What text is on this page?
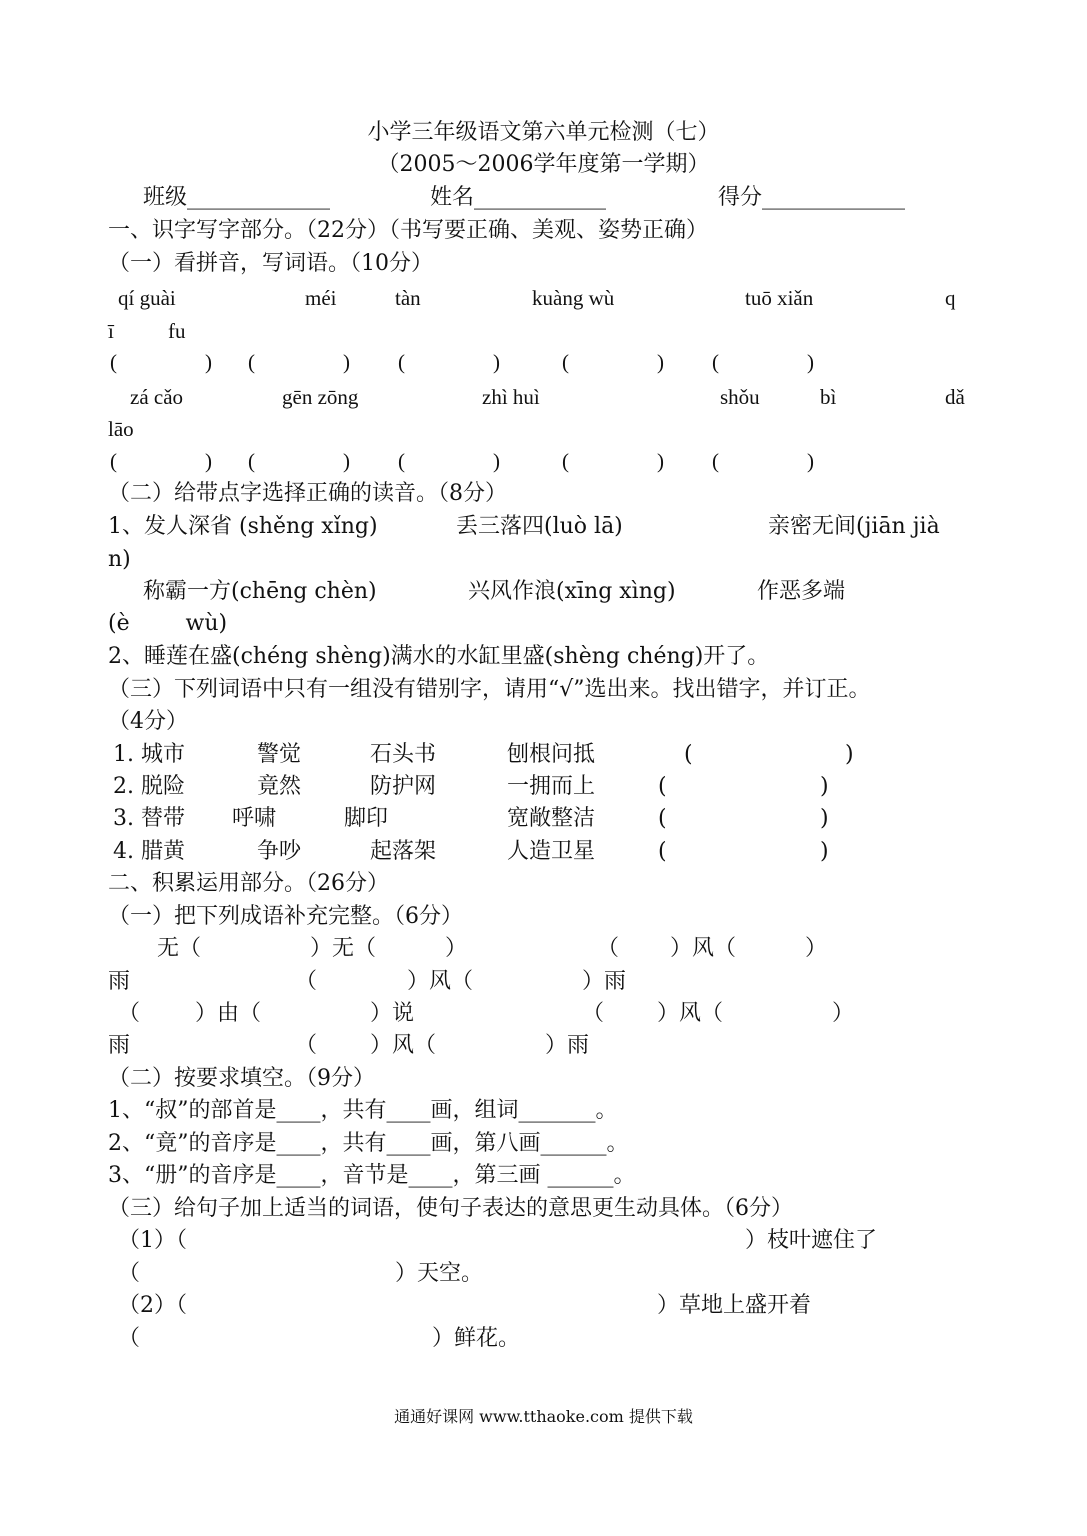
小学三年级语文第六单元检测（七）
（2005～2006学年度第一学期）
班级_____________	姓名____________	得分_____________
一、识字写字部分。（22分）（书写要正确、美观、姿势正确）
（一）看拼音，写词语。（10分）
qí guài	méi	tàn	kuàng wù	tuō xiǎn	q
ī	fu
(	) (	) (	)	(	) (	)
zá cǎo	gēn zōng	zhì huì	shǒu	bì	dǎ
lāo
(	) (	) (	)	(	) (	)
（二）给带点字选择正确的读音。（8分）
1、发人深省 (shěng xǐng)	丢三落四(luò lā)	亲密无间(jiān jià
n)
称霸一方(chēng chèn)	兴风作浪(xīng xìng)	作恶多端
(è        wù)
2、睡莲在盛(chéng shèng)满水的水缸里盛(shèng chéng)开了。
（三）下列词语中只有一组没有错别字，请用“√”选出来。找出错字，并订正。
（4分）
1. 城市	警觉	石头书	刨根问抵	(	)
2. 脱险	竟然	防护网	一拥而上	(	)
3. 替带 呼啸	脚印	宽敞整洁	(	)
4. 腊黄	争吵	起落架	人造卫星	(	)
二、积累运用部分。（26分）
（一）把下列成语补充完整。（6分）
无（	）无（	）	（ ）风（	）
雨	（	）风（	）雨
（ ）由（	）说	（ ）风（	）
雨	（ ）风（	）雨
（二）按要求填空。（9分）
1、“叔”的部首是____，共有____画，组词_______。
2、“竟”的音序是____，共有____画，第八画______。
3、“册”的音序是____，音节是____，第三画 ______。
（三）给句子加上适当的词语，使句子表达的意思更生动具体。（6分）
（1）（	）枝叶遮住了
（	）天空。
（2）（	）草地上盛开着
（	）鲜花。
通通好课网 www.tthaoke.com 提供下载
